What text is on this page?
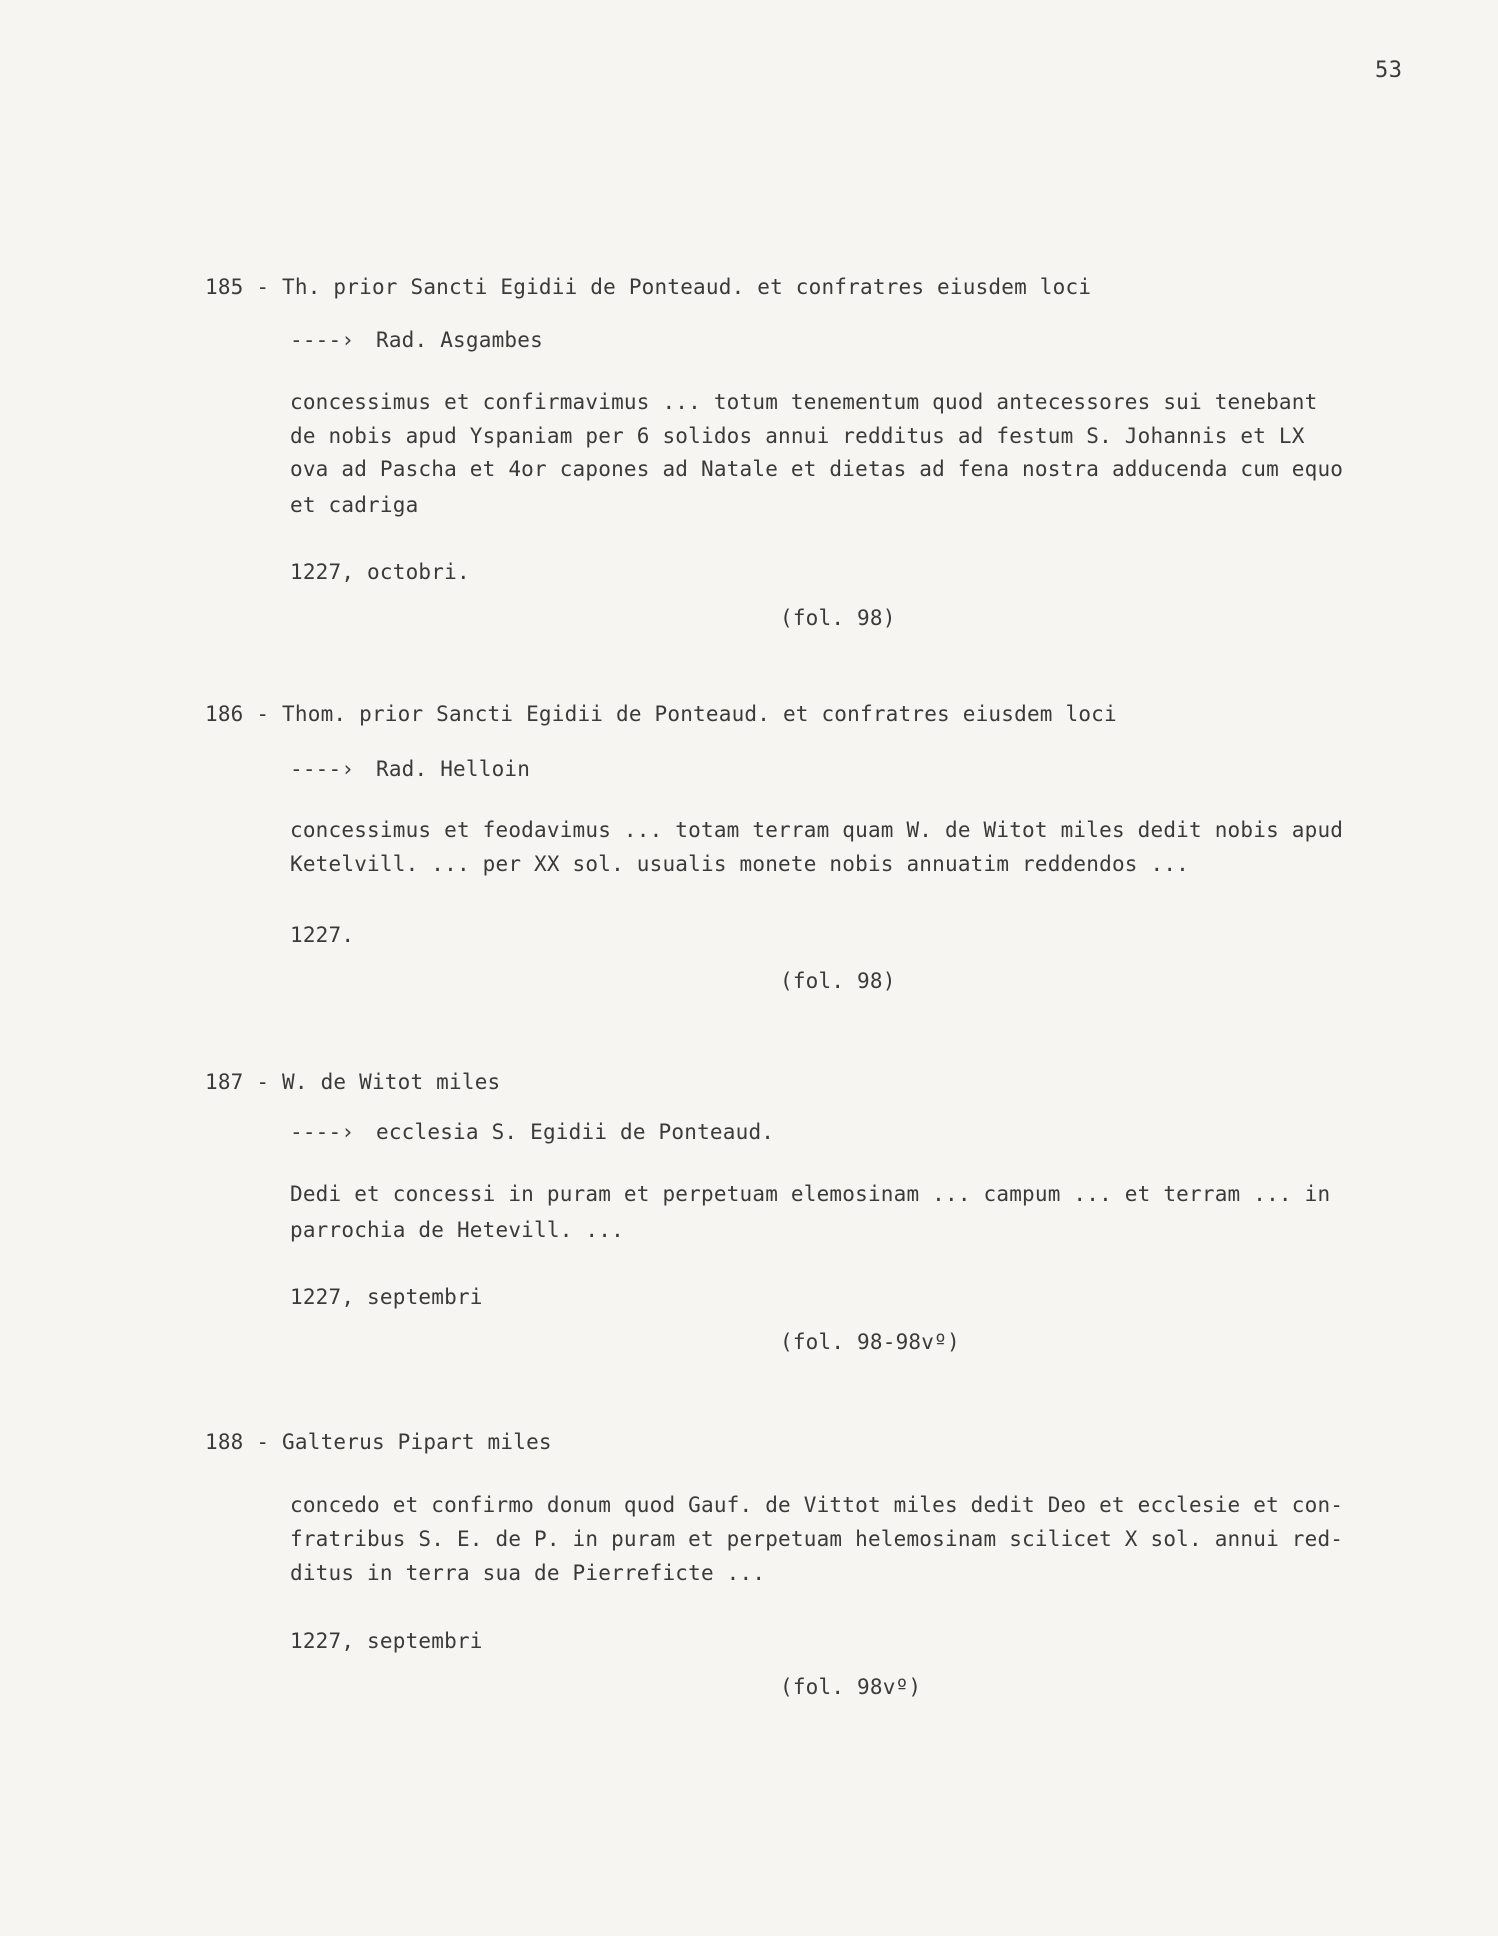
53
185 - Th. prior Sancti Egidii de Ponteaud. et confratres eiusdem loci
----› Rad. Asgambes
concessimus et confirmavimus ... totum tenementum quod antecessores sui tenebant
de nobis apud Yspaniam per 6 solidos annui redditus ad festum S. Johannis et LX
ova ad Pascha et 4or capones ad Natale et dietas ad fena nostra adducenda cum equo
et cadriga
1227, octobri.
(fol. 98)
186 - Thom. prior Sancti Egidii de Ponteaud. et confratres eiusdem loci
----› Rad. Helloin
concessimus et feodavimus ... totam terram quam W. de Witot miles dedit nobis apud
Ketelvill. ... per XX sol. usualis monete nobis annuatim reddendos ...
1227.
(fol. 98)
187 - W. de Witot miles
----› ecclesia S. Egidii de Ponteaud.
Dedi et concessi in puram et perpetuam elemosinam ... campum ... et terram ... in
parrochia de Hetevill. ...
1227, septembri
(fol. 98-98vº)
188 - Galterus Pipart miles
concedo et confirmo donum quod Gauf. de Vittot miles dedit Deo et ecclesie et con-
fratribus S. E. de P. in puram et perpetuam helemosinam scilicet X sol. annui red-
ditus in terra sua de Pierreficte ...
1227, septembri
(fol. 98vº)
